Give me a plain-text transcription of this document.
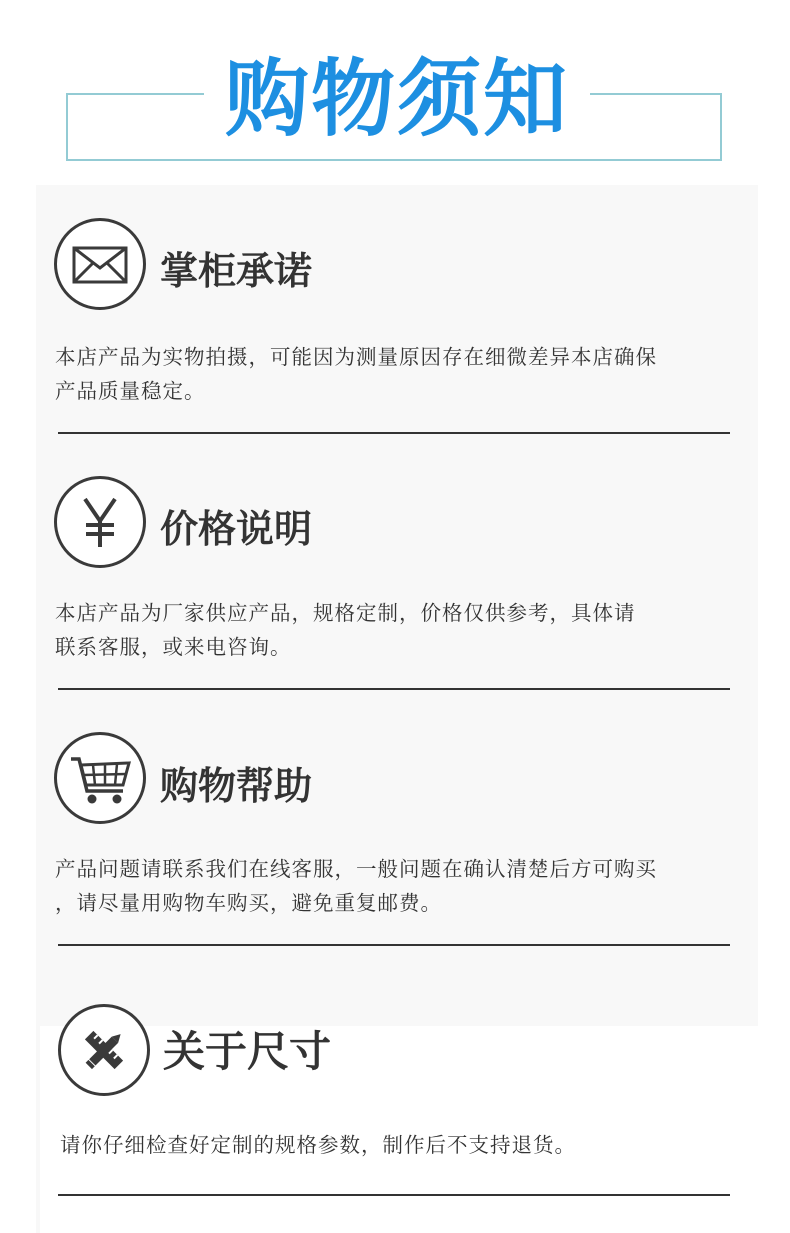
购物须知
掌柜承诺
本店产品为实物拍摄，可能因为测量原因存在细微差异本店确保
产品质量稳定。
价格说明
本店产品为厂家供应产品，规格定制，价格仅供参考，具体请
联系客服，或来电咨询。
购物帮助
产品问题请联系我们在线客服，一般问题在确认清楚后方可购买
，请尽量用购物车购买，避免重复邮费。
关于尺寸
请你仔细检查好定制的规格参数，制作后不支持退货。
